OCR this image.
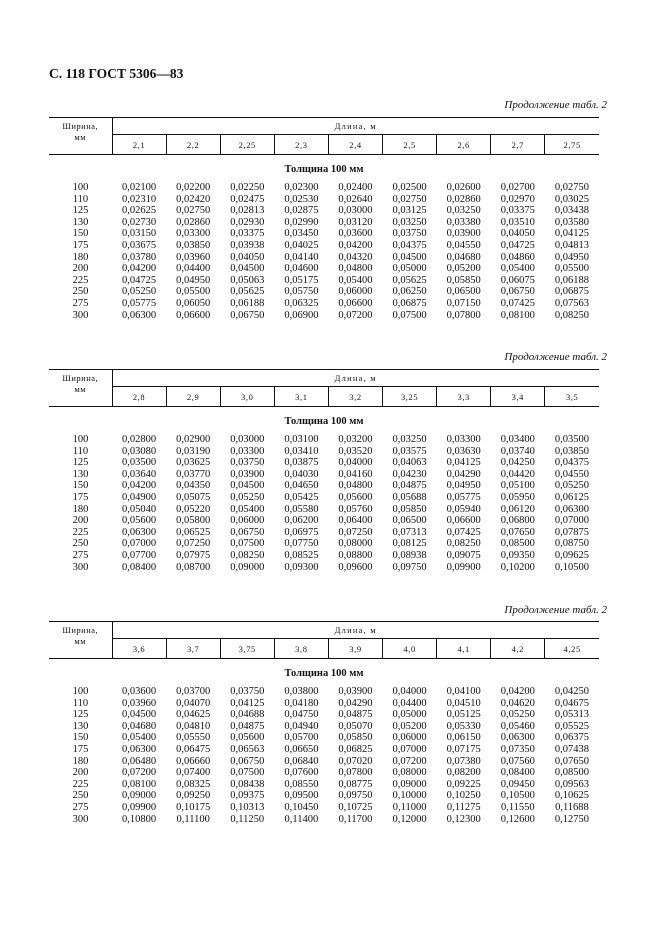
С. 118 ГОСТ 5306—83
Продолжение табл. 2
Ширина,
мм	Длина, м								
	2,1	2,2	2,25	2,3	2,4	2,5	2,6	2,7	2,75
Толщина 100 мм									
100	0,02100	0,02200	0,02250	0,02300	0,02400	0,02500	0,02600	0,02700	0,02750
110	0,02310	0,02420	0,02475	0,02530	0,02640	0,02750	0,02860	0,02970	0,03025
125	0,02625	0,02750	0,02813	0,02875	0,03000	0,03125	0,03250	0,03375	0,03438
130	0,02730	0,02860	0,02930	0,02990	0,03120	0,03250	0,03380	0,03510	0,03580
150	0,03150	0,03300	0,03375	0,03450	0,03600	0,03750	0,03900	0,04050	0,04125
175	0,03675	0,03850	0,03938	0,04025	0,04200	0,04375	0,04550	0,04725	0,04813
180	0,03780	0,03960	0,04050	0,04140	0,04320	0,04500	0,04680	0,04860	0,04950
200	0,04200	0,04400	0,04500	0,04600	0,04800	0,05000	0,05200	0,05400	0,05500
225	0,04725	0,04950	0,05063	0,05175	0,05400	0,05625	0,05850	0,06075	0,06188
250	0,05250	0,05500	0,05625	0,05750	0,06000	0,06250	0,06500	0,06750	0,06875
275	0,05775	0,06050	0,06188	0,06325	0,06600	0,06875	0,07150	0,07425	0,07563
300	0,06300	0,06600	0,06750	0,06900	0,07200	0,07500	0,07800	0,08100	0,08250
Продолжение табл. 2
Ширина,
мм	Длина, м								
	2,8	2,9	3,0	3,1	3,2	3,25	3,3	3,4	3,5
Толщина 100 мм									
100	0,02800	0,02900	0,03000	0,03100	0,03200	0,03250	0,03300	0,03400	0,03500
110	0,03080	0,03190	0,03300	0,03410	0,03520	0,03575	0,03630	0,03740	0,03850
125	0,03500	0,03625	0,03750	0,03875	0,04000	0,04063	0,04125	0,04250	0,04375
130	0,03640	0,03770	0,03900	0,04030	0,04160	0,04230	0,04290	0,04420	0,04550
150	0,04200	0,04350	0,04500	0,04650	0,04800	0,04875	0,04950	0,05100	0,05250
175	0,04900	0,05075	0,05250	0,05425	0,05600	0,05688	0,05775	0,05950	0,06125
180	0,05040	0,05220	0,05400	0,05580	0,05760	0,05850	0,05940	0,06120	0,06300
200	0,05600	0,05800	0,06000	0,06200	0,06400	0,06500	0,06600	0,06800	0,07000
225	0,06300	0,06525	0,06750	0,06975	0,07250	0,07313	0,07425	0,07650	0,07875
250	0,07000	0,07250	0,07500	0,07750	0,08000	0,08125	0,08250	0,08500	0,08750
275	0,07700	0,07975	0,08250	0,08525	0,08800	0,08938	0,09075	0,09350	0,09625
300	0,08400	0,08700	0,09000	0,09300	0,09600	0,09750	0,09900	0,10200	0,10500
Продолжение табл. 2
Ширина,
мм	Длина, м								
	3,6	3,7	3,75	3,8	3,9	4,0	4,1	4,2	4,25
Толщина 100 мм									
100	0,03600	0,03700	0,03750	0,03800	0,03900	0,04000	0,04100	0,04200	0,04250
110	0,03960	0,04070	0,04125	0,04180	0,04290	0,04400	0,04510	0,04620	0,04675
125	0,04500	0,04625	0,04688	0,04750	0,04875	0,05000	0,05125	0,05250	0,05313
130	0,04680	0,04810	0,04875	0,04940	0,05070	0,05200	0,05330	0,05460	0,05525
150	0,05400	0,05550	0,05600	0,05700	0,05850	0,06000	0,06150	0,06300	0,06375
175	0,06300	0,06475	0,06563	0,06650	0,06825	0,07000	0,07175	0,07350	0,07438
180	0,06480	0,06660	0,06750	0,06840	0,07020	0,07200	0,07380	0,07560	0,07650
200	0,07200	0,07400	0,07500	0,07600	0,07800	0,08000	0,08200	0,08400	0,08500
225	0,08100	0,08325	0,08438	0,08550	0,08775	0,09000	0,09225	0,09450	0,09563
250	0,09000	0,09250	0,09375	0,09500	0,09750	0,10000	0,10250	0,10500	0,10625
275	0,09900	0,10175	0,10313	0,10450	0,10725	0,11000	0,11275	0,11550	0,11688
300	0,10800	0,11100	0,11250	0,11400	0,11700	0,12000	0,12300	0,12600	0,12750
